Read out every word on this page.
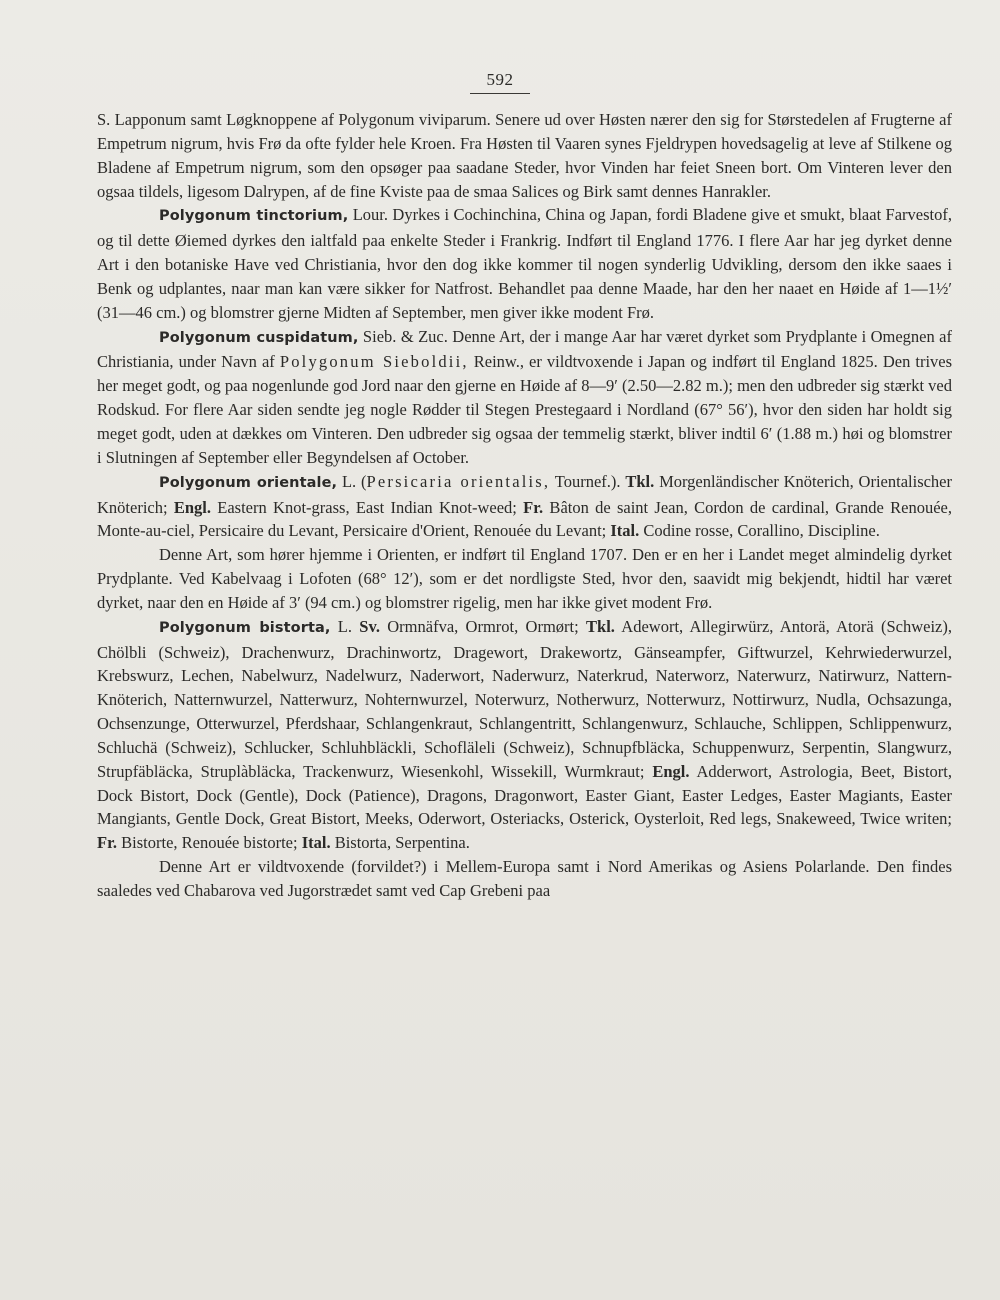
592

S. Lapponum samt Løgknoppene af Polygonum viviparum. Senere ud over Høsten nærer den sig for Størstedelen af Frugterne af Empetrum nigrum, hvis Frø da ofte fylder hele Kroen. Fra Høsten til Vaaren synes Fjeldrypen hovedsagelig at leve af Stilkene og Bladene af Empetrum nigrum, som den opsøger paa saadane Steder, hvor Vinden har feiet Sneen bort. Om Vinteren lever den ogsaa tildels, ligesom Dalrypen, af de fine Kviste paa de smaa Salices og Birk samt dennes Hanrakler.

Polygonum tinctorium, Lour. Dyrkes i Cochinchina, China og Japan, fordi Bladene give et smukt, blaat Farvestof, og til dette Øiemed dyrkes den ialtfald paa enkelte Steder i Frankrig. Indført til England 1776. I flere Aar har jeg dyrket denne Art i den botaniske Have ved Christiania, hvor den dog ikke kommer til nogen synderlig Udvikling, dersom den ikke saaes i Benk og udplantes, naar man kan være sikker for Natfrost. Behandlet paa denne Maade, har den her naaet en Høide af 1—1½′ (31—46 cm.) og blomstrer gjerne Midten af September, men giver ikke modent Frø.

Polygonum cuspidatum, Sieb. & Zuc. Denne Art, der i mange Aar har været dyrket som Prydplante i Omegnen af Christiania, under Navn af Polygonum Sieboldii, Reinw., er vildtvoxende i Japan og indført til England 1825. Den trives her meget godt, og paa nogenlunde god Jord naar den gjerne en Høide af 8—9′ (2.50—2.82 m.); men den udbreder sig stærkt ved Rodskud. For flere Aar siden sendte jeg nogle Rødder til Stegen Prestegaard i Nordland (67° 56′), hvor den siden har holdt sig meget godt, uden at dækkes om Vinteren. Den udbreder sig ogsaa der temmelig stærkt, bliver indtil 6′ (1.88 m.) høi og blomstrer i Slutningen af September eller Begyndelsen af October.

Polygonum orientale, L. (Persicaria orientalis, Tournef.). Tkl. Morgenländischer Knöterich, Orientalischer Knöterich; Engl. Eastern Knot-grass, East Indian Knot-weed; Fr. Bâton de saint Jean, Cordon de cardinal, Grande Renouée, Monte-au-ciel, Persicaire du Levant, Persicaire d'Orient, Renouée du Levant; Ital. Codine rosse, Corallino, Discipline.

Denne Art, som hører hjemme i Orienten, er indført til England 1707. Den er en her i Landet meget almindelig dyrket Prydplante. Ved Kabelvaag i Lofoten (68° 12′), som er det nordligste Sted, hvor den, saavidt mig bekjendt, hidtil har været dyrket, naar den en Høide af 3′ (94 cm.) og blomstrer rigelig, men har ikke givet modent Frø.

Polygonum bistorta, L. Sv. Ormnäfva, Ormrot, Ormørt; Tkl. Adewort, Allegirwürz, Antorä, Atorä (Schweiz), Chölbli (Schweiz), Drachenwurz, Drachinwortz, Dragewort, Drakewortz, Gänseampfer, Giftwurzel, Kehrwiederwurzel, Krebswurz, Lechen, Nabelwurz, Nadelwurz, Naderwort, Naderwurz, Naterkrud, Naterworz, Naterwurz, Natirwurz, Nattern-Knöterich, Natternwurzel, Natterwurz, Nohternwurzel, Noterwurz, Notherwurz, Notterwurz, Nottirwurz, Nudla, Ochsazunga, Ochsenzunge, Otterwurzel, Pferdshaar, Schlangenkraut, Schlangentritt, Schlangenwurz, Schlauche, Schlippen, Schlippenwurz, Schluchä (Schweiz), Schlucker, Schluhbläckli, Schofläleli (Schweiz), Schnupfbläcka, Schuppenwurz, Serpentin, Slangwurz, Strupfäbläcka, Struplàbläcka, Trackenwurz, Wiesenkohl, Wissekill, Wurmkraut; Engl. Adderwort, Astrologia, Beet, Bistort, Dock Bistort, Dock (Gentle), Dock (Patience), Dragons, Dragonwort, Easter Giant, Easter Ledges, Easter Magiants, Easter Mangiants, Gentle Dock, Great Bistort, Meeks, Oderwort, Osteriacks, Osterick, Oysterloit, Red legs, Snakeweed, Twice writen; Fr. Bistorte, Renouée bistorte; Ital. Bistorta, Serpentina.

Denne Art er vildtvoxende (forvildet?) i Mellem-Europa samt i Nord Amerikas og Asiens Polarlande. Den findes saaledes ved Chabarova ved Jugorstrædet samt ved Cap Grebeni paa
